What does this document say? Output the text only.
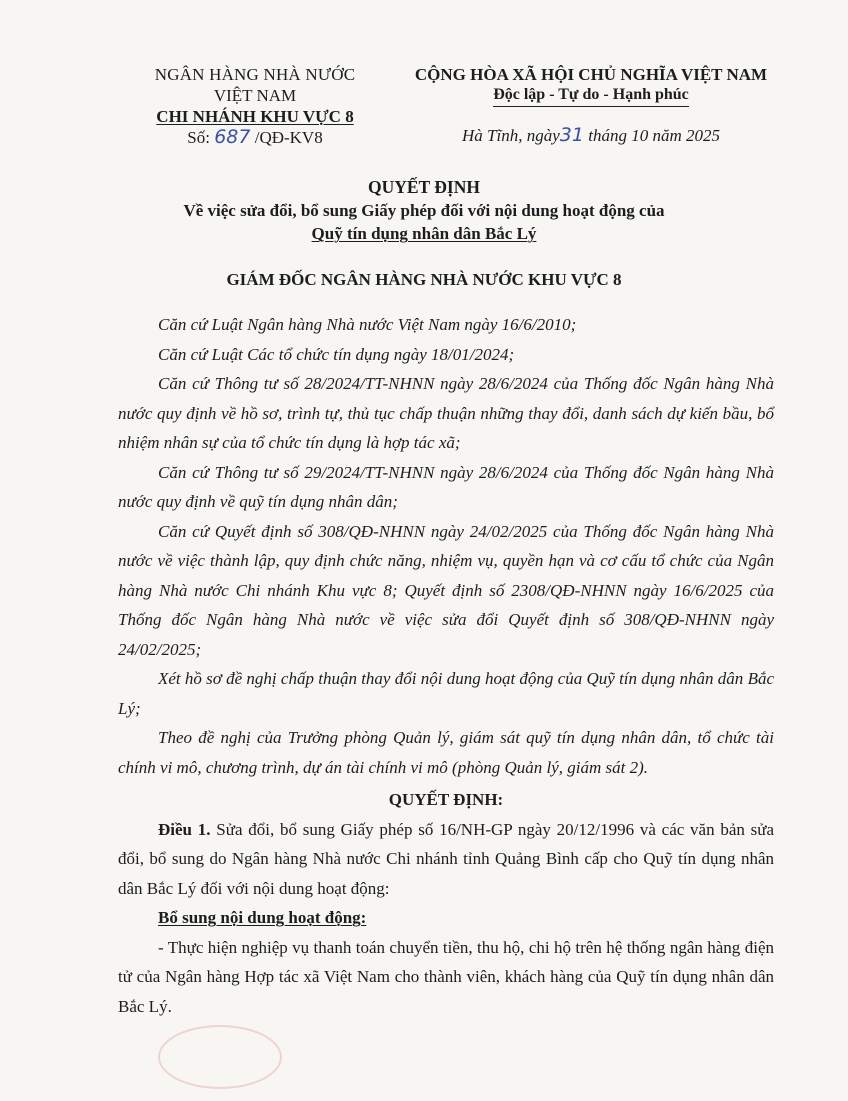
NGÂN HÀNG NHÀ NƯỚC
VIỆT NAM
CHI NHÁNH KHU VỰC 8
Số: 687 /QĐ-KV8
CỘNG HÒA XÃ HỘI CHỦ NGHĨA VIỆT NAM
Độc lập - Tự do - Hạnh phúc
Hà Tĩnh, ngày31 tháng 10 năm 2025
QUYẾT ĐỊNH
Về việc sửa đổi, bổ sung Giấy phép đối với nội dung hoạt động của
Quỹ tín dụng nhân dân Bắc Lý
GIÁM ĐỐC NGÂN HÀNG NHÀ NƯỚC KHU VỰC 8

Căn cứ Luật Ngân hàng Nhà nước Việt Nam ngày 16/6/2010;

Căn cứ Luật Các tổ chức tín dụng ngày 18/01/2024;

Căn cứ Thông tư số 28/2024/TT-NHNN ngày 28/6/2024 của Thống đốc Ngân hàng Nhà nước quy định về hồ sơ, trình tự, thủ tục chấp thuận những thay đổi, danh sách dự kiến bầu, bổ nhiệm nhân sự của tổ chức tín dụng là hợp tác xã;

Căn cứ Thông tư số 29/2024/TT-NHNN ngày 28/6/2024 của Thống đốc Ngân hàng Nhà nước quy định về quỹ tín dụng nhân dân;

Căn cứ Quyết định số 308/QĐ-NHNN ngày 24/02/2025 của Thống đốc Ngân hàng Nhà nước về việc thành lập, quy định chức năng, nhiệm vụ, quyền hạn và cơ cấu tổ chức của Ngân hàng Nhà nước Chi nhánh Khu vực 8; Quyết định số 2308/QĐ-NHNN ngày 16/6/2025 của Thống đốc Ngân hàng Nhà nước về việc sửa đổi Quyết định số 308/QĐ-NHNN ngày 24/02/2025;

Xét hồ sơ đề nghị chấp thuận thay đổi nội dung hoạt động của Quỹ tín dụng nhân dân Bắc Lý;

Theo đề nghị của Trưởng phòng Quản lý, giám sát quỹ tín dụng nhân dân, tổ chức tài chính vi mô, chương trình, dự án tài chính vi mô (phòng Quản lý, giám sát 2).

QUYẾT ĐỊNH:

Điều 1. Sửa đổi, bổ sung Giấy phép số 16/NH-GP ngày 20/12/1996 và các văn bản sửa đổi, bổ sung do Ngân hàng Nhà nước Chi nhánh tỉnh Quảng Bình cấp cho Quỹ tín dụng nhân dân Bắc Lý đối với nội dung hoạt động:

Bổ sung nội dung hoạt động:

- Thực hiện nghiệp vụ thanh toán chuyển tiền, thu hộ, chi hộ trên hệ thống ngân hàng điện tử của Ngân hàng Hợp tác xã Việt Nam cho thành viên, khách hàng của Quỹ tín dụng nhân dân Bắc Lý.
